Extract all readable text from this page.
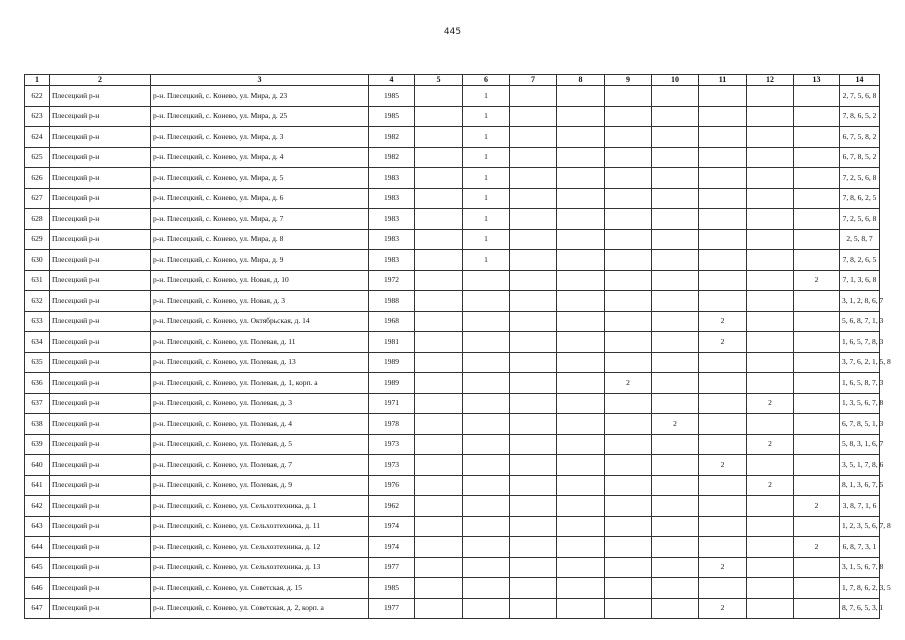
445
1	2	3	4	5	6	7	8	9	10	11	12	13	14
622	Плесецкий р-н	р-н. Плесецкий, с. Конево, ул. Мира, д. 23	1985		1								2, 7, 5, 6, 8
623	Плесецкий р-н	р-н. Плесецкий, с. Конево, ул. Мира, д. 25	1985		1								7, 8, 6, 5, 2
624	Плесецкий р-н	р-н. Плесецкий, с. Конево, ул. Мира, д. 3	1982		1								6, 7, 5, 8, 2
625	Плесецкий р-н	р-н. Плесецкий, с. Конево, ул. Мира, д. 4	1982		1								6, 7, 8, 5, 2
626	Плесецкий р-н	р-н. Плесецкий, с. Конево, ул. Мира, д. 5	1983		1								7, 2, 5, 6, 8
627	Плесецкий р-н	р-н. Плесецкий, с. Конево, ул. Мира, д. 6	1983		1								7, 8, 6, 2, 5
628	Плесецкий р-н	р-н. Плесецкий, с. Конево, ул. Мира, д. 7	1983		1								7, 2, 5, 6, 8
629	Плесецкий р-н	р-н. Плесецкий, с. Конево, ул. Мира, д. 8	1983		1								2, 5, 8, 7
630	Плесецкий р-н	р-н. Плесецкий, с. Конево, ул. Мира, д. 9	1983		1								7, 8, 2, 6, 5
631	Плесецкий р-н	р-н. Плесецкий, с. Конево, ул. Новая, д. 10	1972									2	7, 1, 3, 6, 8
632	Плесецкий р-н	р-н. Плесецкий, с. Конево, ул. Новая, д. 3	1988										3, 1, 2, 8, 6, 7
633	Плесецкий р-н	р-н. Плесецкий, с. Конево, ул. Октябрьская, д. 14	1968							2			5, 6, 8, 7, 1, 3
634	Плесецкий р-н	р-н. Плесецкий, с. Конево, ул. Полевая, д. 11	1981							2			1, 6, 5, 7, 8, 3
635	Плесецкий р-н	р-н. Плесецкий, с. Конево, ул. Полевая, д. 13	1989										3, 7, 6, 2, 1, 5, 8
636	Плесецкий р-н	р-н. Плесецкий, с. Конево, ул. Полевая, д. 1, корп. а	1989					2					1, 6, 5, 8, 7, 3
637	Плесецкий р-н	р-н. Плесецкий, с. Конево, ул. Полевая, д. 3	1971								2		1, 3, 5, 6, 7, 8
638	Плесецкий р-н	р-н. Плесецкий, с. Конево, ул. Полевая, д. 4	1978						2				6, 7, 8, 5, 1, 3
639	Плесецкий р-н	р-н. Плесецкий, с. Конево, ул. Полевая, д. 5	1973								2		5, 8, 3, 1, 6, 7
640	Плесецкий р-н	р-н. Плесецкий, с. Конево, ул. Полевая, д. 7	1973							2			3, 5, 1, 7, 8, 6
641	Плесецкий р-н	р-н. Плесецкий, с. Конево, ул. Полевая, д. 9	1976								2		8, 1, 3, 6, 7, 5
642	Плесецкий р-н	р-н. Плесецкий, с. Конево, ул. Сельхозтехника, д. 1	1962									2	3, 8, 7, 1, 6
643	Плесецкий р-н	р-н. Плесецкий, с. Конево, ул. Сельхозтехника, д. 11	1974										1, 2, 3, 5, 6, 7, 8
644	Плесецкий р-н	р-н. Плесецкий, с. Конево, ул. Сельхозтехника, д. 12	1974									2	6, 8, 7, 3, 1
645	Плесецкий р-н	р-н. Плесецкий, с. Конево, ул. Сельхозтехника, д. 13	1977							2			3, 1, 5, 6, 7, 8
646	Плесецкий р-н	р-н. Плесецкий, с. Конево, ул. Советская, д. 15	1985										1, 7, 8, 6, 2, 3, 5
647	Плесецкий р-н	р-н. Плесецкий, с. Конево, ул. Советская, д. 2, корп. а	1977							2			8, 7, 6, 5, 3, 1
